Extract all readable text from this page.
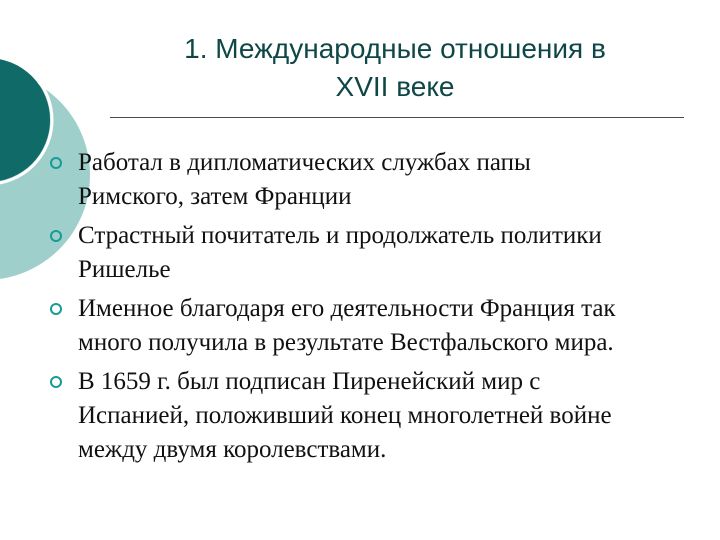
1. Международные отношения в
XVII веке
Работал в дипломатических службах папы
Римского, затем Франции
Страстный почитатель и продолжатель политики
Ришелье
Именное благодаря его деятельности Франция так
много получила в результате Вестфальского мира.
В 1659 г. был подписан Пиренейский мир с
Испанией, положивший конец многолетней войне
между двумя королевствами.
